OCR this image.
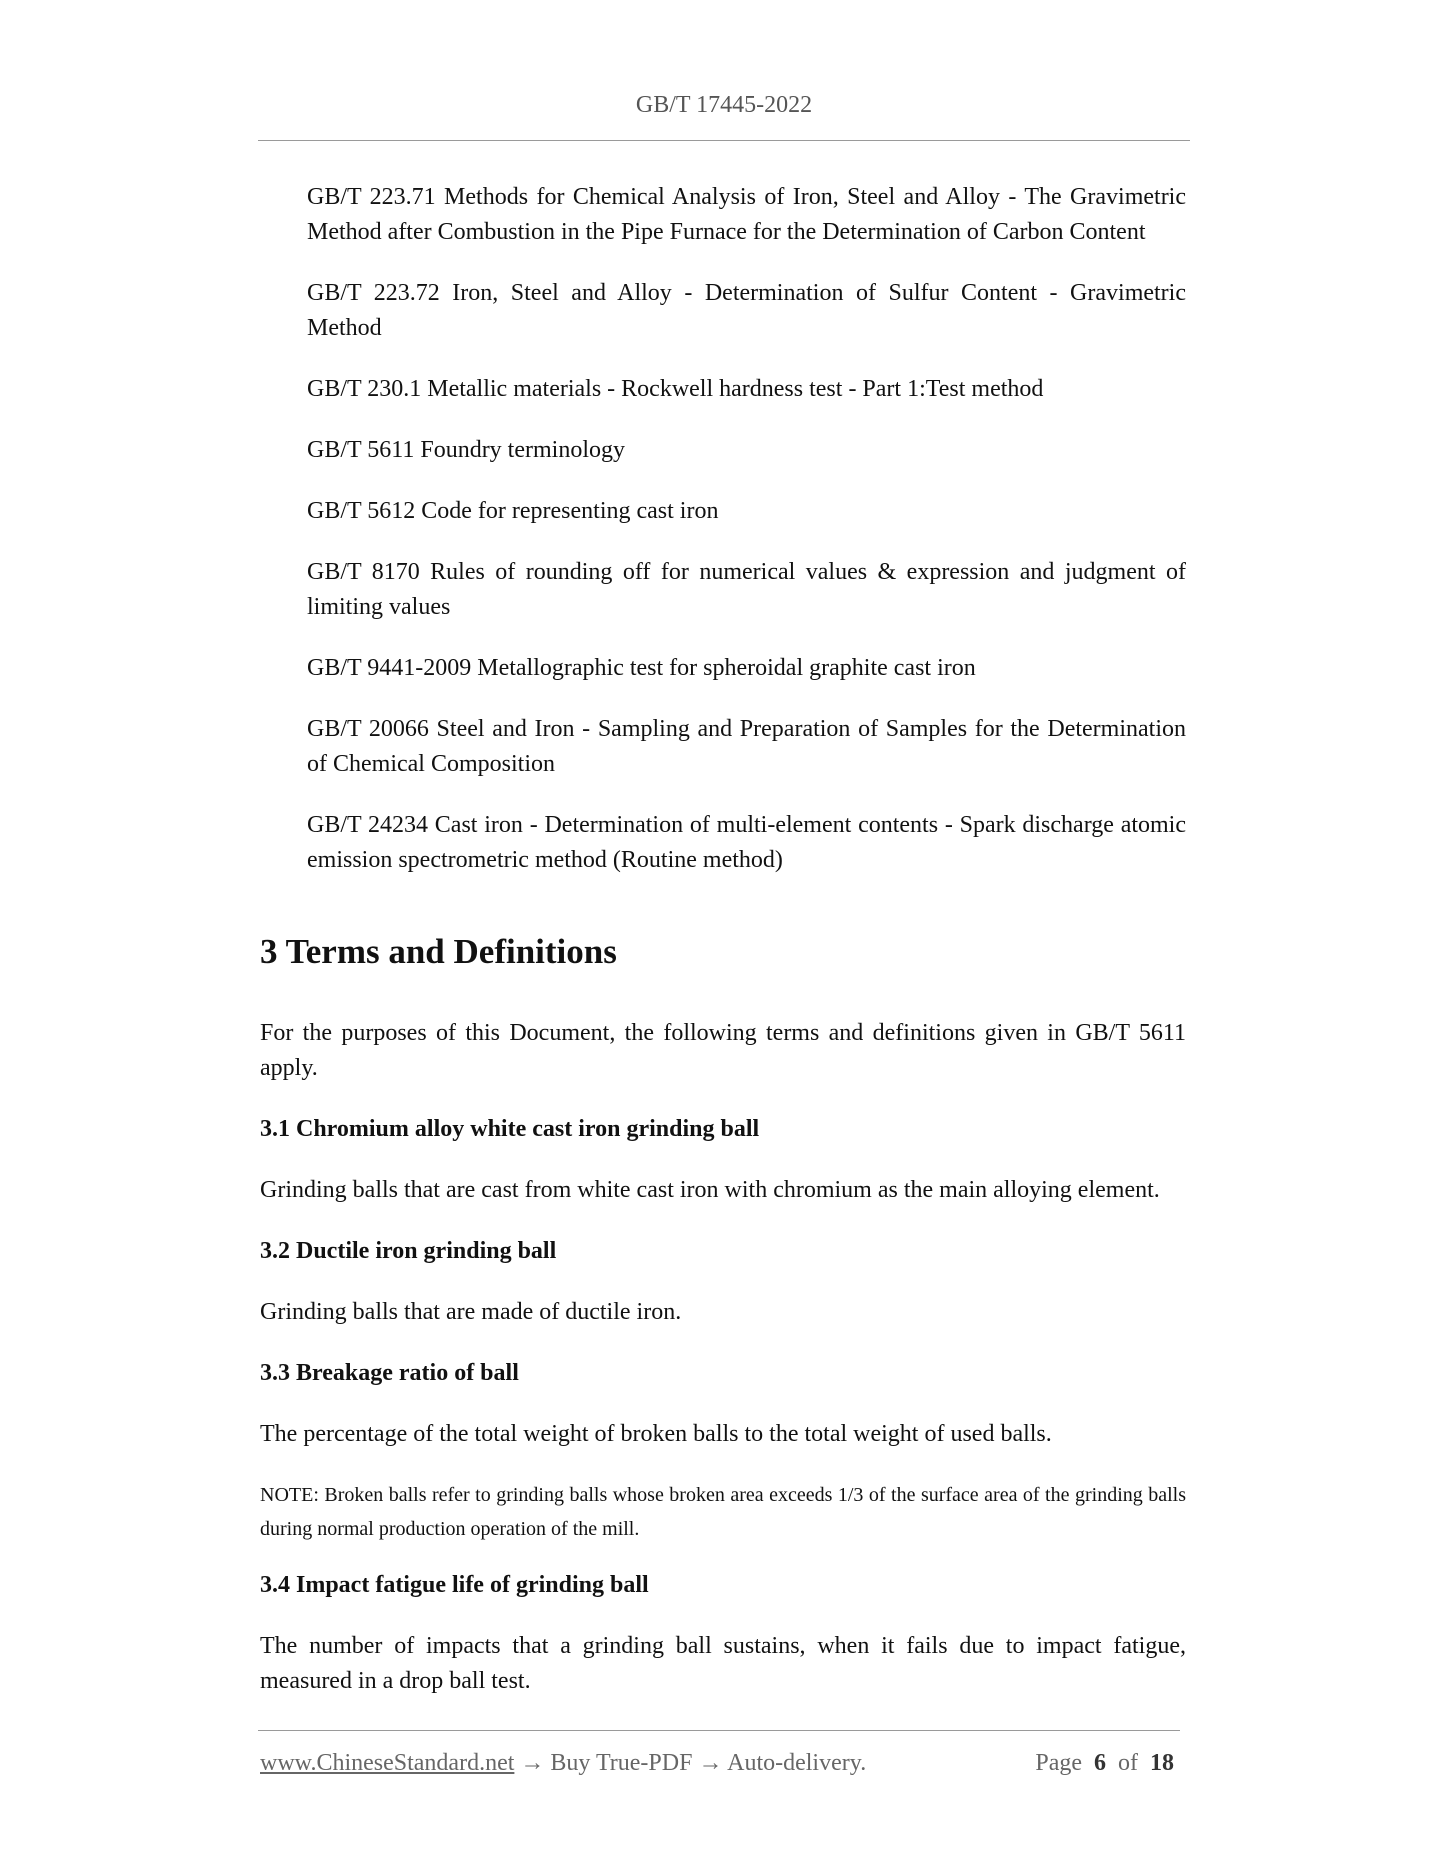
GB/T 17445-2022

GB/T 223.71 Methods for Chemical Analysis of Iron, Steel and Alloy - The Gravimetric Method after Combustion in the Pipe Furnace for the Determination of Carbon Content

GB/T 223.72 Iron, Steel and Alloy - Determination of Sulfur Content - Gravimetric Method

GB/T 230.1 Metallic materials - Rockwell hardness test - Part 1:Test method

GB/T 5611 Foundry terminology

GB/T 5612 Code for representing cast iron

GB/T 8170 Rules of rounding off for numerical values & expression and judgment of limiting values

GB/T 9441-2009 Metallographic test for spheroidal graphite cast iron

GB/T 20066 Steel and Iron - Sampling and Preparation of Samples for the Determination of Chemical Composition

GB/T 24234 Cast iron - Determination of multi-element contents - Spark discharge atomic emission spectrometric method (Routine method)

3 Terms and Definitions

For the purposes of this Document, the following terms and definitions given in GB/T 5611 apply.

3.1 Chromium alloy white cast iron grinding ball

Grinding balls that are cast from white cast iron with chromium as the main alloying element.

3.2 Ductile iron grinding ball

Grinding balls that are made of ductile iron.

3.3 Breakage ratio of ball

The percentage of the total weight of broken balls to the total weight of used balls.

NOTE: Broken balls refer to grinding balls whose broken area exceeds 1/3 of the surface area of the grinding balls during normal production operation of the mill.

3.4 Impact fatigue life of grinding ball

The number of impacts that a grinding ball sustains, when it fails due to impact fatigue, measured in a drop ball test.

www.ChineseStandard.net → Buy True-PDF → Auto-delivery.	Page 6 of 18
